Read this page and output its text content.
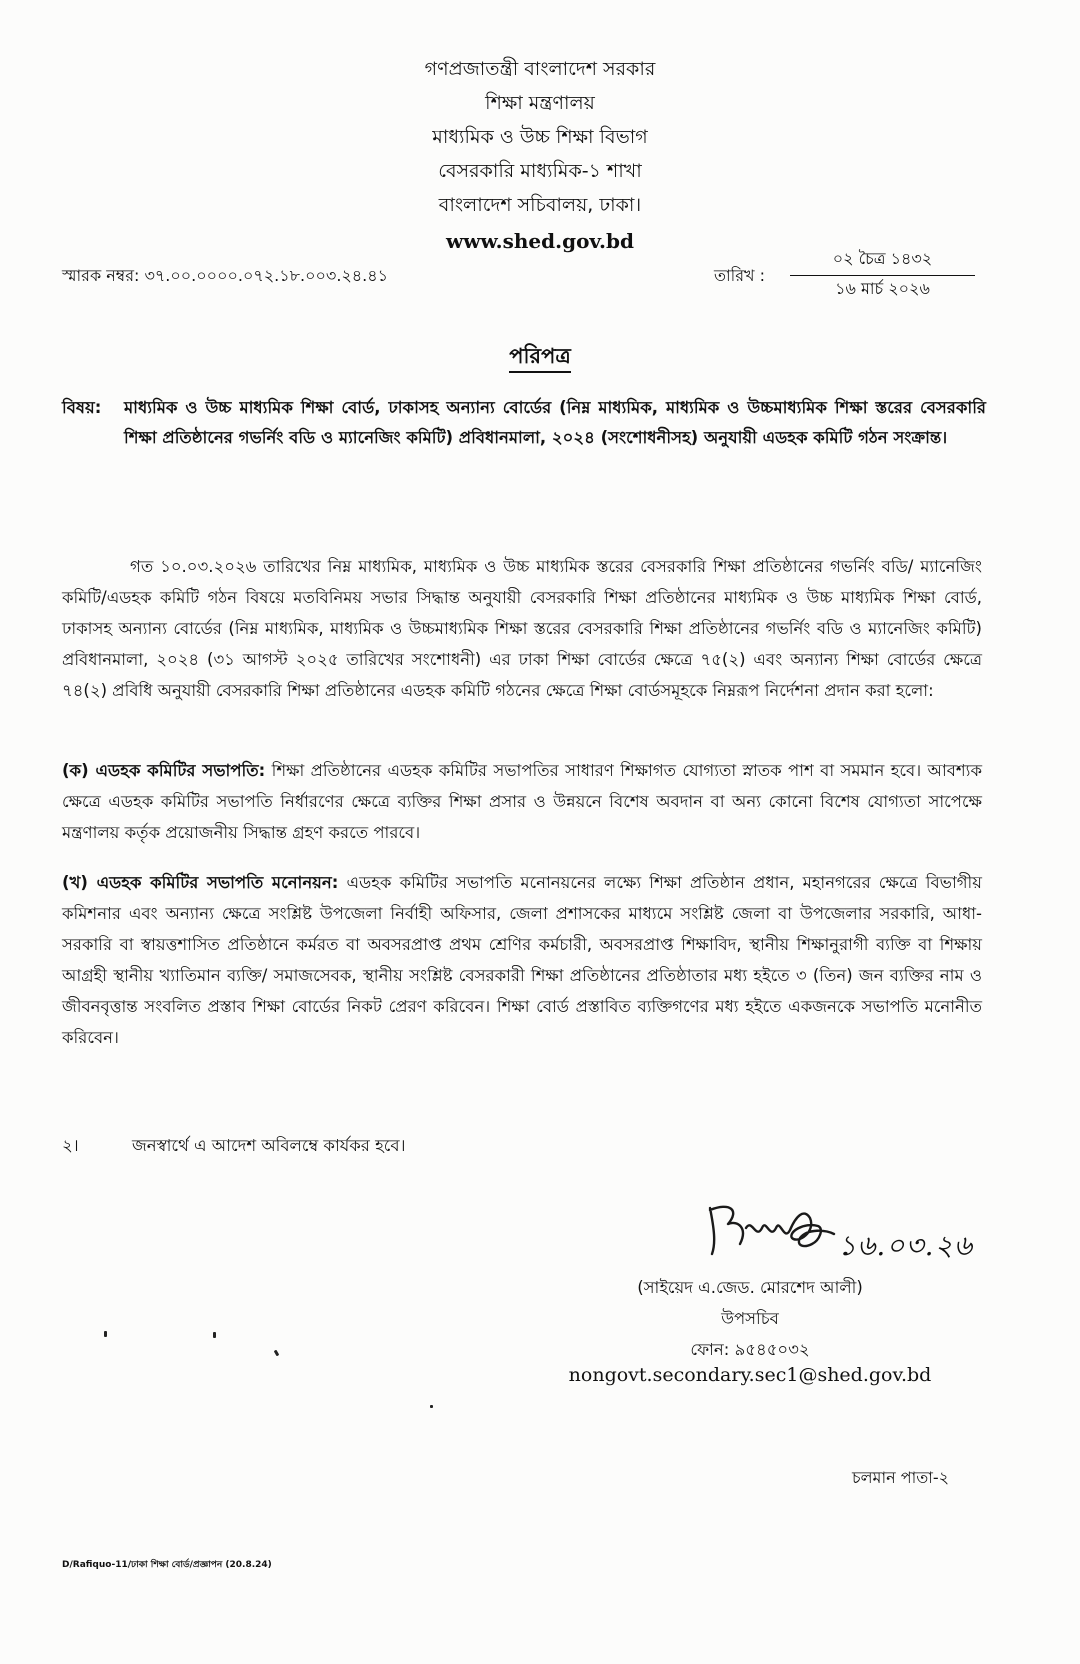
গণপ্রজাতন্ত্রী বাংলাদেশ সরকার
শিক্ষা মন্ত্রণালয়
মাধ্যমিক ও উচ্চ শিক্ষা বিভাগ
বেসরকারি মাধ্যমিক-১ শাখা
বাংলাদেশ সচিবালয়, ঢাকা।
www.shed.gov.bd
স্মারক নম্বর: ৩৭.০০.০০০০.০৭২.১৮.০০৩.২৪.৪১	তারিখ :
০২ চৈত্র ১৪৩২
১৬ মার্চ ২০২৬
পরিপত্র
বিষয়: মাধ্যমিক ও উচ্চ মাধ্যমিক শিক্ষা বোর্ড, ঢাকাসহ অন্যান্য বোর্ডের (নিম্ন মাধ্যমিক, মাধ্যমিক ও উচ্চমাধ্যমিক শিক্ষা স্তরের বেসরকারি শিক্ষা প্রতিষ্ঠানের গভর্নিং বডি ও ম্যানেজিং কমিটি) প্রবিধানমালা, ২০২৪ (সংশোধনীসহ) অনুযায়ী এডহক কমিটি গঠন সংক্রান্ত।
গত ১০.০৩.২০২৬ তারিখের নিম্ন মাধ্যমিক, মাধ্যমিক ও উচ্চ মাধ্যমিক স্তরের বেসরকারি শিক্ষা প্রতিষ্ঠানের গভর্নিং বডি/ ম্যানেজিং কমিটি/এডহক কমিটি গঠন বিষয়ে মতবিনিময় সভার সিদ্ধান্ত অনুযায়ী বেসরকারি শিক্ষা প্রতিষ্ঠানের মাধ্যমিক ও উচ্চ মাধ্যমিক শিক্ষা বোর্ড, ঢাকাসহ অন্যান্য বোর্ডের (নিম্ন মাধ্যমিক, মাধ্যমিক ও উচ্চমাধ্যমিক শিক্ষা স্তরের বেসরকারি শিক্ষা প্রতিষ্ঠানের গভর্নিং বডি ও ম্যানেজিং কমিটি) প্রবিধানমালা, ২০২৪ (৩১ আগস্ট ২০২৫ তারিখের সংশোধনী) এর ঢাকা শিক্ষা বোর্ডের ক্ষেত্রে ৭৫(২) এবং অন্যান্য শিক্ষা বোর্ডের ক্ষেত্রে ৭৪(২) প্রবিধি অনুযায়ী বেসরকারি শিক্ষা প্রতিষ্ঠানের এডহক কমিটি গঠনের ক্ষেত্রে শিক্ষা বোর্ডসমূহকে নিম্নরূপ নির্দেশনা প্রদান করা হলো:
(ক) এডহক কমিটির সভাপতি: শিক্ষা প্রতিষ্ঠানের এডহক কমিটির সভাপতির সাধারণ শিক্ষাগত যোগ্যতা স্নাতক পাশ বা সমমান হবে। আবশ্যক ক্ষেত্রে এডহক কমিটির সভাপতি নির্ধারণের ক্ষেত্রে ব্যক্তির শিক্ষা প্রসার ও উন্নয়নে বিশেষ অবদান বা অন্য কোনো বিশেষ যোগ্যতা সাপেক্ষে মন্ত্রণালয় কর্তৃক প্রয়োজনীয় সিদ্ধান্ত গ্রহণ করতে পারবে।
(খ) এডহক কমিটির সভাপতি মনোনয়ন: এডহক কমিটির সভাপতি মনোনয়নের লক্ষ্যে শিক্ষা প্রতিষ্ঠান প্রধান, মহানগরের ক্ষেত্রে বিভাগীয় কমিশনার এবং অন্যান্য ক্ষেত্রে সংশ্লিষ্ট উপজেলা নির্বাহী অফিসার, জেলা প্রশাসকের মাধ্যমে সংশ্লিষ্ট জেলা বা উপজেলার সরকারি, আধা-সরকারি বা স্বায়ত্তশাসিত প্রতিষ্ঠানে কর্মরত বা অবসরপ্রাপ্ত প্রথম শ্রেণির কর্মচারী, অবসরপ্রাপ্ত শিক্ষাবিদ, স্থানীয় শিক্ষানুরাগী ব্যক্তি বা শিক্ষায় আগ্রহী স্থানীয় খ্যাতিমান ব্যক্তি/ সমাজসেবক, স্থানীয় সংশ্লিষ্ট বেসরকারী শিক্ষা প্রতিষ্ঠানের প্রতিষ্ঠাতার মধ্য হইতে ৩ (তিন) জন ব্যক্তির নাম ও জীবনবৃত্তান্ত সংবলিত প্রস্তাব শিক্ষা বোর্ডের নিকট প্রেরণ করিবেন। শিক্ষা বোর্ড প্রস্তাবিত ব্যক্তিগণের মধ্য হইতে একজনকে সভাপতি মনোনীত করিবেন।
২।	জনস্বার্থে এ আদেশ অবিলম্বে কার্যকর হবে।
১৬.০৩.২৬
(সাইয়েদ এ.জেড. মোরশেদ আলী)
উপসচিব
ফোন: ৯৫৪৫০৩২
nongovt.secondary.sec1@shed.gov.bd
চলমান পাতা-২
D/Rafiquo-11/ঢাকা শিক্ষা বোর্ড/প্রজ্ঞাপন (20.8.24)
